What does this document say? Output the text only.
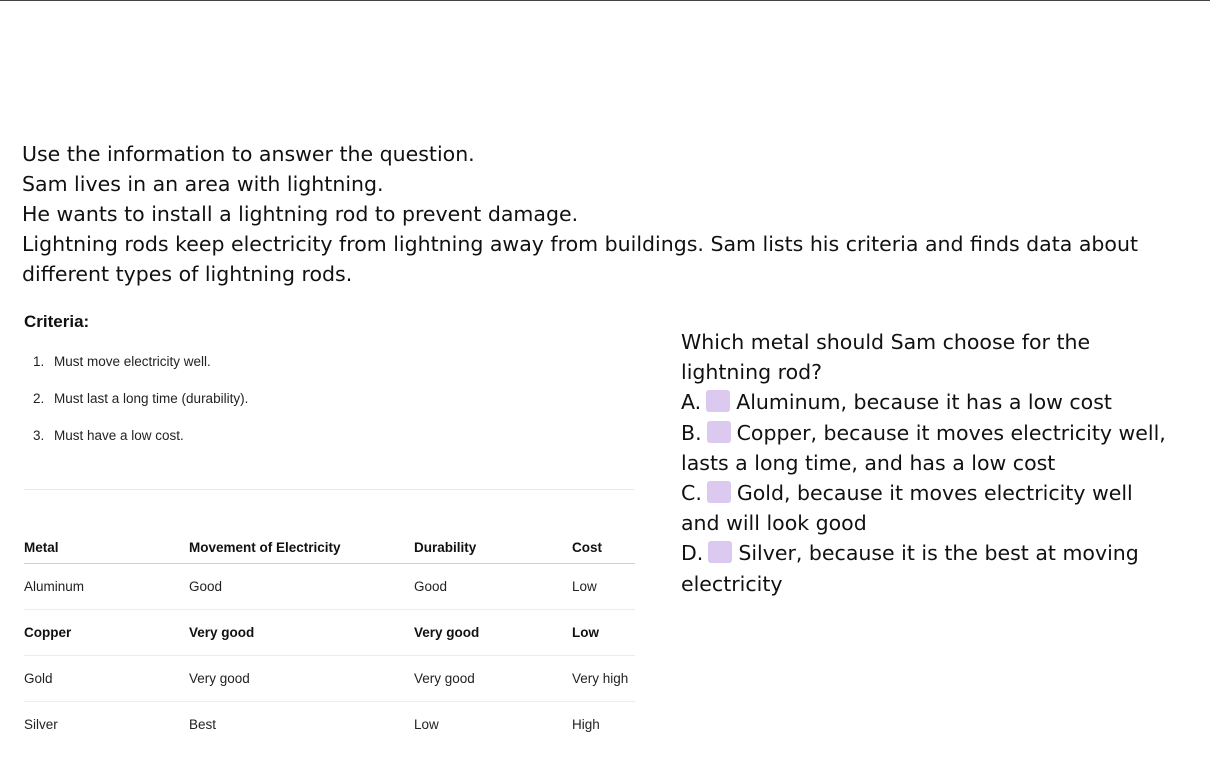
Use the information to answer the question.

Sam lives in an area with lightning.

He wants to install a lightning rod to prevent damage.

Lightning rods keep electricity from lightning away from buildings. Sam lists his criteria and finds data about different types of lightning rods.

Criteria:
1. Must move electricity well.
2. Must last a long time (durability).
3. Must have a low cost.
Metal	Movement of Electricity	Durability	Cost
Aluminum	Good	Good	Low
Copper	Very good	Very good	Low
Gold	Very good	Very good	Very high
Silver	Best	Low	High

Which metal should Sam choose for the lightning rod?

A. Aluminum, because it has a low cost

B. Copper, because it moves electricity well, lasts a long time, and has a low cost

C. Gold, because it moves electricity well and will look good

D. Silver, because it is the best at moving electricity
